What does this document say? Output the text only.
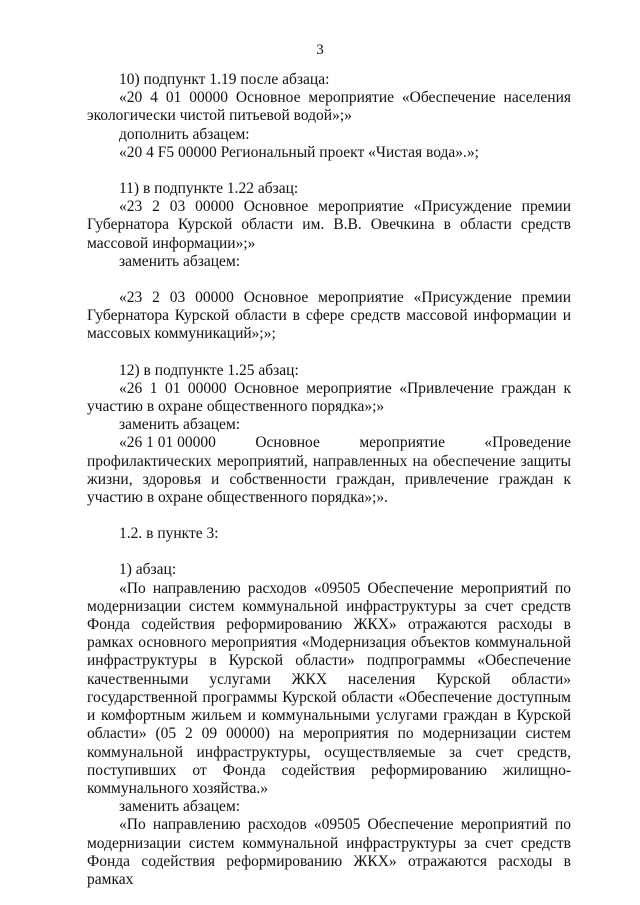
3

10) подпункт 1.19 после абзаца:

«20 4 01 00000 Основное мероприятие «Обеспечение населения экологически чистой питьевой водой»;»

дополнить абзацем:

«20 4 F5 00000 Региональный проект «Чистая вода».»;

11) в подпункте 1.22 абзац:

«23 2 03 00000 Основное мероприятие «Присуждение премии Губернатора Курской области им. В.В. Овечкина в области средств массовой информации»;»

заменить абзацем:

«23 2 03 00000 Основное мероприятие «Присуждение премии Губернатора Курской области в сфере средств массовой информации и массовых коммуникаций»;»;

12) в подпункте 1.25 абзац:

«26 1 01 00000 Основное мероприятие «Привлечение граждан к участию в охране общественного порядка»;»

заменить абзацем:

«26 1 01 00000	Основное	мероприятие	«Проведение

профилактических мероприятий, направленных на обеспечение защиты жизни, здоровья и собственности граждан, привлечение граждан к участию в охране общественного порядка»;».

1.2. в пункте 3:

1) абзац:

«По направлению расходов «09505 Обеспечение мероприятий по модернизации систем коммунальной инфраструктуры за счет средств Фонда содействия реформированию ЖКХ» отражаются расходы в рамках основного мероприятия «Модернизация объектов коммунальной инфраструктуры в Курской области» подпрограммы «Обеспечение качественными услугами ЖКХ населения Курской области» государственной программы Курской области «Обеспечение доступным и комфортным жильем и коммунальными услугами граждан в Курской области» (05 2 09 00000) на мероприятия по модернизации систем коммунальной инфраструктуры, осуществляемые за счет средств, поступивших от Фонда содействия реформированию жилищно-коммунального хозяйства.»

заменить абзацем:

«По направлению расходов «09505 Обеспечение мероприятий по модернизации систем коммунальной инфраструктуры за счет средств Фонда содействия реформированию ЖКХ» отражаются расходы в рамках
